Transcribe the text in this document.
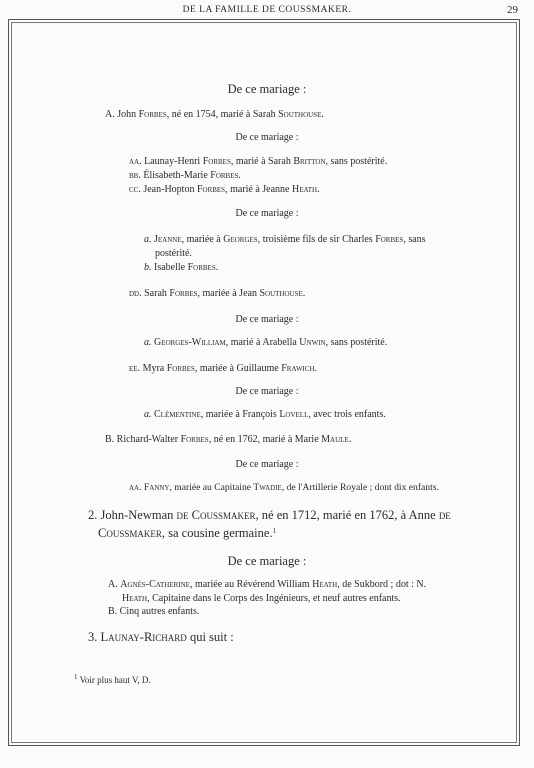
DE LA FAMILLE DE COUSSMAKER.	29
De ce mariage :
A. John Forbes, né en 1754, marié à Sarah Southouse.
De ce mariage :
aa. Launay-Henri Forbes, marié à Sarah Britton, sans postérité.
bb. Élisabeth-Marie Forbes.
cc. Jean-Hopton Forbes, marié à Jeanne Heath.
De ce mariage :
a. Jeanne, mariée à Georges, troisième fils de sir Charles Forbes, sans
postérité.
b. Isabelle Forbes.
dd. Sarah Forbes, mariée à Jean Southouse.
De ce mariage :
a. Georges-William, marié à Arabella Unwin, sans postérité.
ee. Myra Forbes, mariée à Guillaume Frawich.
De ce mariage :
a. Clémentine, mariée à François Lovell, avec trois enfants.
B. Richard-Walter Forbes, né en 1762, marié à Marie Maule.
De ce mariage :
aa. Fanny, mariée au Capitaine Twadie, de l'Artillerie Royale ; dont dix enfants.
2. John-Newman de Coussmaker, né en 1712, marié en 1762, à Anne de
Coussmaker, sa cousine germaine.$^1$
De ce mariage :
A. Agnès-Catherine, mariée au Révérend William Heath, de Sukbord ; dot : N.
Heath, Capitaine dans le Corps des Ingénieurs, et neuf autres enfants.
B. Cinq autres enfants.
3. Launay-Richard qui suit :
$^1$ Voir plus haut V, D.
